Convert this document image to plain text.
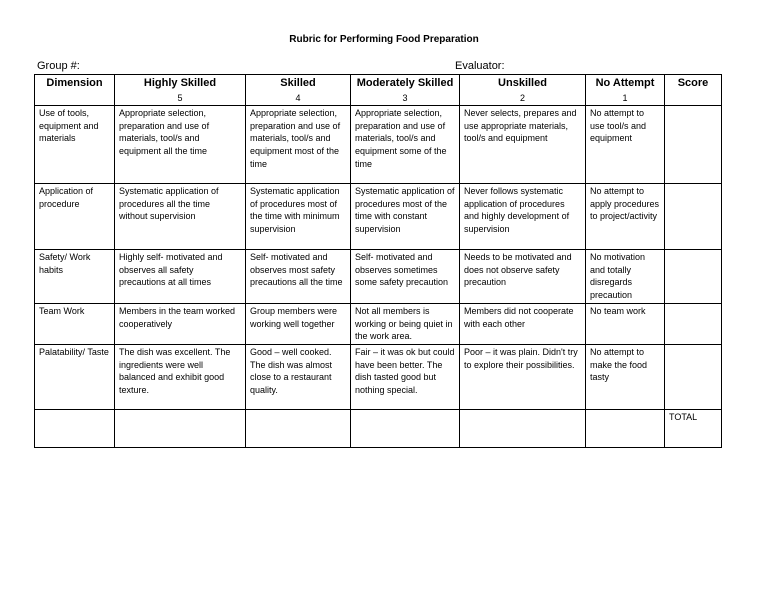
Rubric for Performing Food Preparation
Group #:	Evaluator:
Dimension	Highly Skilled	Skilled	Moderately Skilled	Unskilled	No Attempt	Score
	5	4	3	2	1	
Use of tools, equipment and materials	Appropriate selection, preparation and use of materials, tool/s and equipment all the time	Appropriate selection, preparation and use of materials, tool/s and equipment most of the time	Appropriate selection, preparation and use of materials, tool/s and equipment some of the time	Never selects, prepares and use appropriate materials, tool/s and equipment	No attempt to use tool/s and equipment	
Application of procedure	Systematic application of procedures all the time without supervision	Systematic application of procedures most of the time with minimum supervision	Systematic application of procedures most of the time with constant supervision	Never follows systematic application of procedures and highly development of supervision	No attempt to apply procedures to project/activity	
Safety/ Work habits	Highly self- motivated and observes all safety precautions at all times	Self- motivated and observes most safety precautions all the time	Self- motivated and observes sometimes some safety precaution	Needs to be motivated and does not observe safety precaution	No motivation and totally disregards precaution	
Team Work	Members in the team worked cooperatively	Group members were working well together	Not all members is working or being quiet in the work area.	Members did not cooperate with each other	No team work	
Palatability/ Taste	The dish was excellent. The ingredients were well balanced and exhibit good texture.	Good – well cooked. The dish was almost close to a restaurant quality.	Fair – it was ok but could have been better. The dish tasted good but nothing special.	Poor – it was plain. Didn't try to explore their possibilities.	No attempt to make the food tasty	
						TOTAL
